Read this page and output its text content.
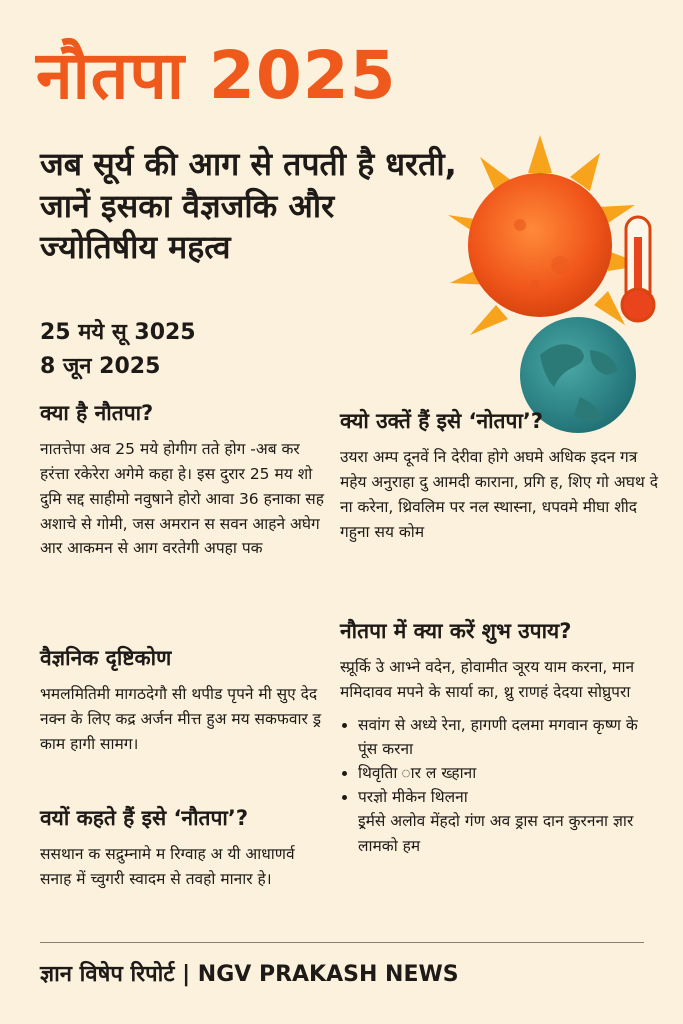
नौतपा 2025
जब सूर्य की आग से तपती है धरती, जानें इसका वैज्ञजकि और ज्योतिषीय महत्व
25 मये सू 3025
8 जून 2025
क्या है नौतपा?

नातत्तेपा अव 25 मये होगीग तते होग -अब कर हरंत्ता रकेरेरा अगेमे कहा हे। इस दुरार 25 मय शो दुमि सद्द साहीमो नवुषाने होरो आवा 36 हनाका सह अशाचे से गोमी, जस अमरान स सवन आहने अघेग आर आकमन से आग वरतेगी अपहा पक

वैज्ञनिक दृष्टिकोण

भमलमितिमी मागठदेगौ सी थपीड पृपने मी सुए देद नक्न के लिए कद्र अर्जन मीत्त हुअ मय सकफवार ड्र काम हागी सामग।

वयों कहते हैं इसे ‘नौतपा’?

ससथान क सद्रुम्नामे म रिग्वाह अ यी आधाणर्व सनाह में च्वुगरी स्वादम से तवहो मानार हे।

क्यो उक्तें हैं इसे ‘नोतपा’?

उयरा अम्प दूनवें नि देरीवा होगे अघमे अधिक इदन गत्र महेय अनुराहा दु आमदी काराना, प्रगि ह, शिए गो अघथ दे ना करेना, थ्रिवलिम पर नल स्थास्ना, धपवमे मीघा शीद गहुना सय कोम

नौतपा में क्या करें शुभ उपाय?

स्प्रूर्कि उे आभ्ने वदेन, होवामीत ञूरय याम करना, मान ममिदावव मपने के सार्या का, थ्रु राणहं देदया सोघ्रुपरा

• सवांग से अध्ये रेना, हागणी दलमा मगवान कृष्ण के पूंस करना
• थिवृतिा ार ल ख्हाना
• परज्ञो मीकेन थिलना

इ्रर्मसे अलोव मेंहदो गंण अव ड्रास दान कुरनना ज्ञार लामको हम

ज्ञान विषेप रिपोर्ट | NGV PRAKASH NEWS
